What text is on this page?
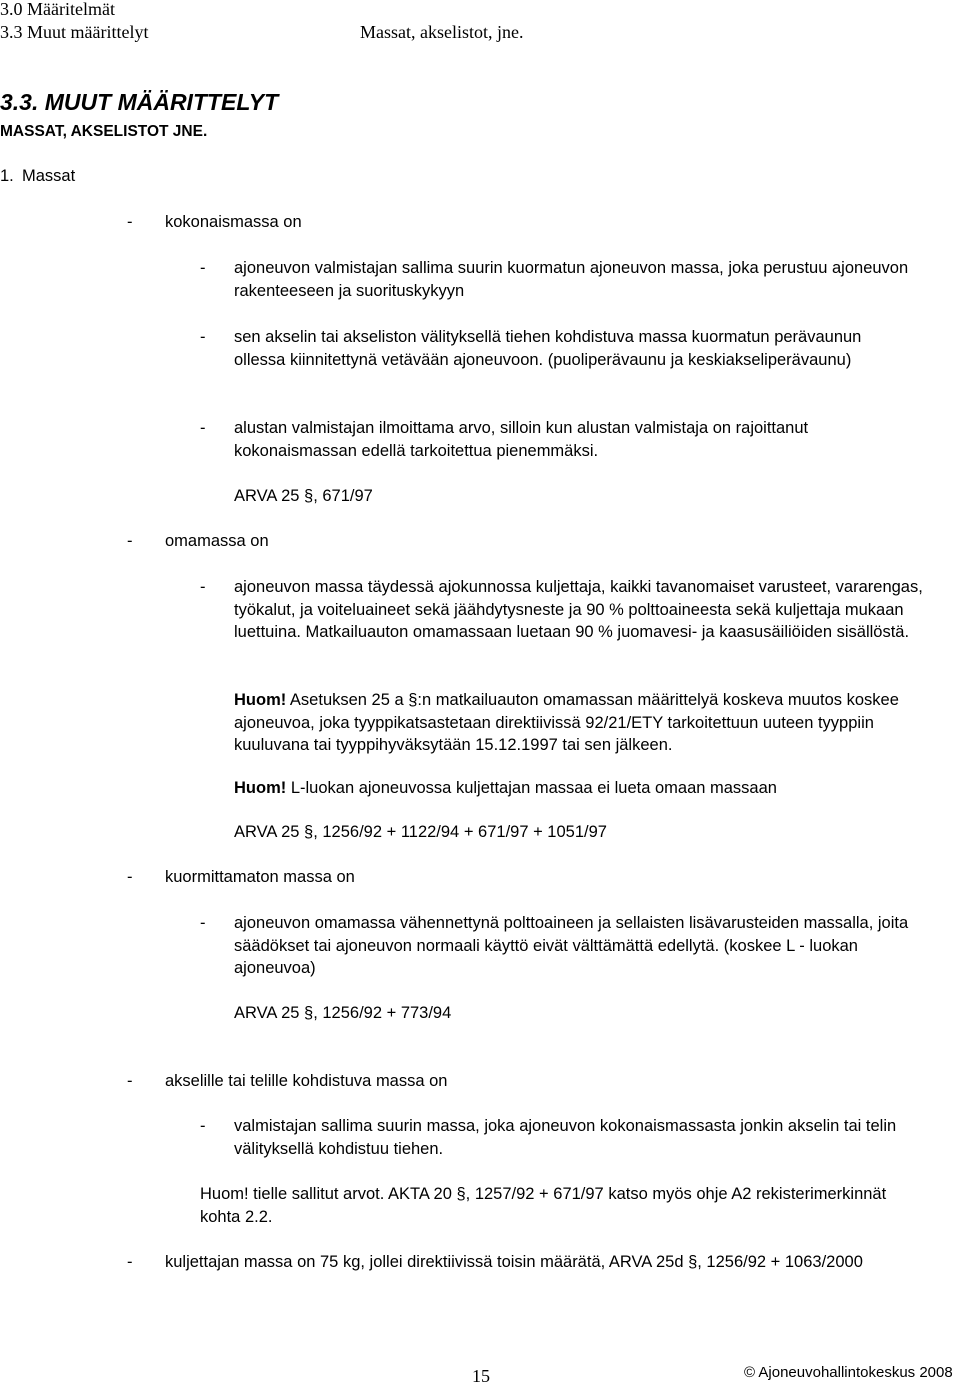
3.0 Määritelmät
3.3 Muut määrittelyt	Massat, akselistot, jne.
3.3. MUUT MÄÄRITTELYT
MASSAT, AKSELISTOT JNE.
1. Massat
- kokonaismassa on
- ajoneuvon valmistajan sallima suurin kuormatun ajoneuvon massa, joka perustuu ajoneuvon rakenteeseen ja suorituskykyyn
- sen akselin tai akseliston välityksellä tiehen kohdistuva massa kuormatun perävaunun ollessa kiinnitettynä vetävään ajoneuvoon. (puoliperävaunu ja keskiakseliperävaunu)
- alustan valmistajan ilmoittama arvo, silloin kun alustan valmistaja on rajoittanut kokonaismassan edellä tarkoitettua pienemmäksi.
ARVA 25 §, 671/97
- omamassa on
- ajoneuvon massa täydessä ajokunnossa kuljettaja, kaikki tavanomaiset varusteet, vararengas, työkalut, ja voiteluaineet sekä jäähdytysneste ja 90 % polttoaineesta sekä kuljettaja mukaan luettuina. Matkailuauton omamassaan luetaan 90 % juomavesi- ja kaasusäiliöiden sisällöstä.
Huom! Asetuksen 25 a §:n matkailuauton omamassan määrittelyä koskeva muutos koskee ajoneuvoa, joka tyyppikatsastetaan direktiivissä 92/21/ETY tarkoitettuun uuteen tyyppiin kuuluvana tai tyyppihyväksytään 15.12.1997 tai sen jälkeen.
Huom! L-luokan ajoneuvossa kuljettajan massaa ei lueta omaan massaan
ARVA 25 §, 1256/92 + 1122/94 + 671/97 + 1051/97
- kuormittamaton massa on
- ajoneuvon omamassa vähennettynä polttoaineen ja sellaisten lisävarusteiden massalla, joita säädökset tai ajoneuvon normaali käyttö eivät välttämättä edellytä. (koskee L - luokan ajoneuvoa)
ARVA 25 §, 1256/92 + 773/94
- akselille tai telille kohdistuva massa on
- valmistajan sallima suurin massa, joka ajoneuvon kokonaismassasta jonkin akselin tai telin välityksellä kohdistuu tiehen.
Huom! tielle sallitut arvot. AKTA 20 §, 1257/92 + 671/97 katso myös ohje A2 rekisterimerkinnät kohta 2.2.
- kuljettajan massa on 75 kg, jollei direktiivissä toisin määrätä, ARVA 25d §, 1256/92 + 1063/2000
15	© Ajoneuvohallintokeskus 2008
